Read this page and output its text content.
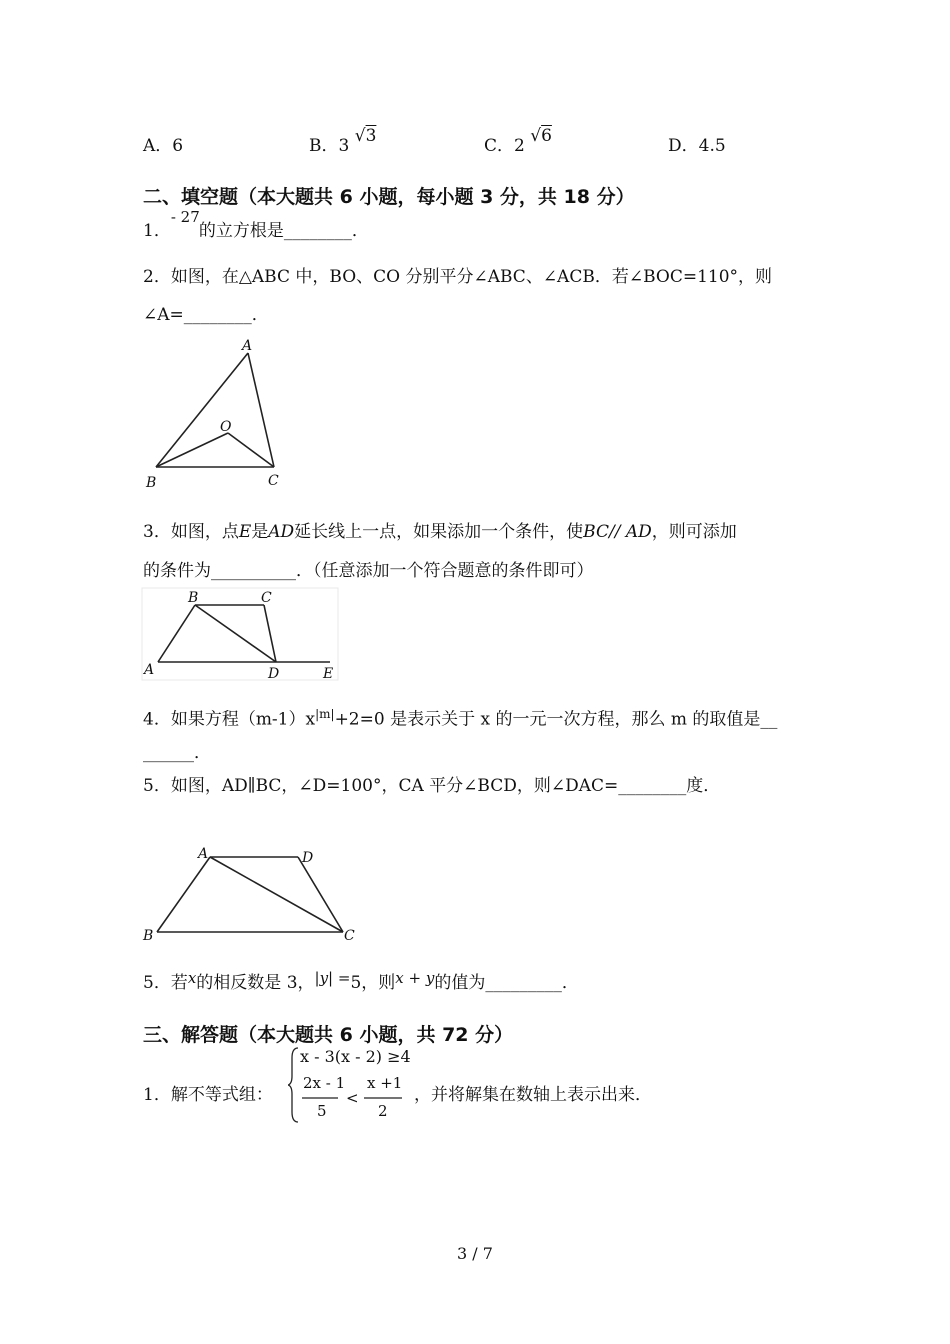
A．6	B．3 √3	C．2 √6	D．4.5
二、填空题（本大题共 6 小题，每小题 3 分，共 18 分）
1．- 27的立方根是________．
2．如图，在△ABC 中，BO、CO 分别平分∠ABC、∠ACB．若∠BOC=110°，则
∠A=________．
A
O
B	C
3．如图，点E是AD延长线上一点，如果添加一个条件，使BC// AD，则可添加
的条件为__________．（任意添加一个符合题意的条件即可）
B	C
A	D	E
4．如果方程$(m-1)x^{|m|}+2=0$ 是表示关于 x 的一元一次方程，那么 m 的取值是__
______．
5．如图，AD∥BC，∠D=100°，CA 平分∠BCD，则∠DAC=________度．
A	D
B	C
5．若x的相反数是 3，|y| =5，则x + y的值为_________．
三、解答题（本大题共 6 小题，共 72 分）
1．解不等式组：
x - 3(x - 2) ≥4
2x - 1
5
<
x +1
2
，并将解集在数轴上表示出来．
3 / 7
